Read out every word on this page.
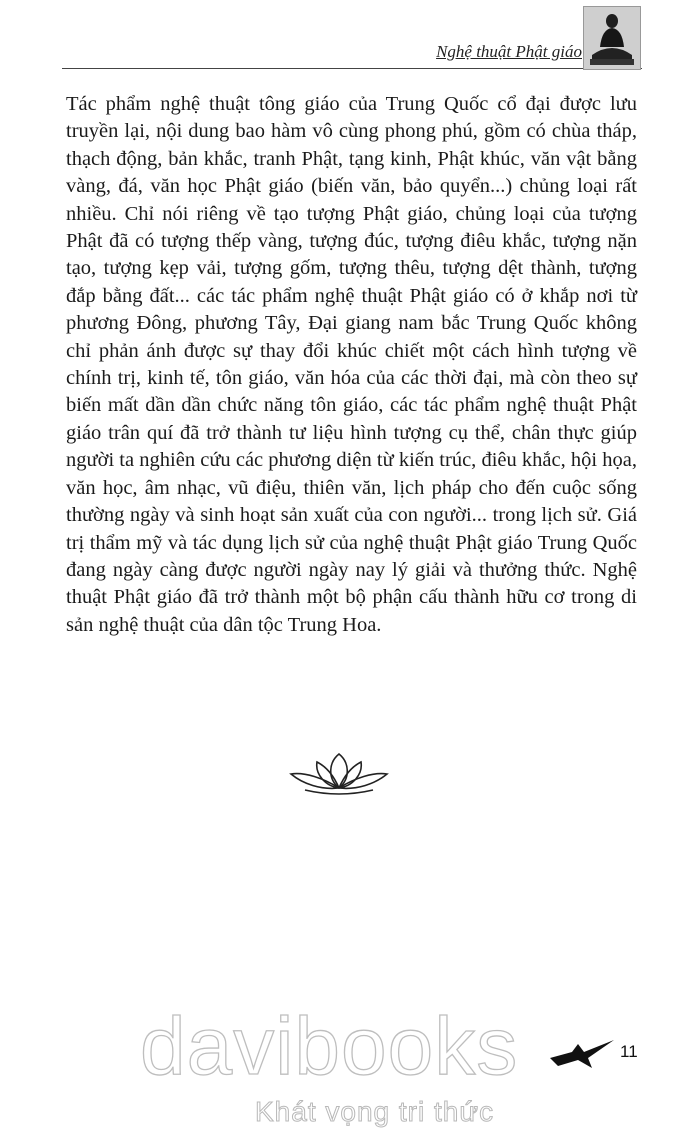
Nghệ thuật Phật giáo
Tác phẩm nghệ thuật tông giáo của Trung Quốc cổ đại được lưu truyền lại, nội dung bao hàm vô cùng phong phú, gồm có chùa tháp, thạch động, bản khắc, tranh Phật, tạng kinh, Phật khúc, văn vật bằng vàng, đá, văn học Phật giáo (biến văn, bảo quyển...) chủng loại rất nhiều. Chỉ nói riêng về tạo tượng Phật giáo, chủng loại của tượng Phật đã có tượng thếp vàng, tượng đúc, tượng điêu khắc, tượng nặn tạo, tượng kẹp vải, tượng gốm, tượng thêu, tượng dệt thành, tượng đắp bằng đất... các tác phẩm nghệ thuật Phật giáo có ở khắp nơi từ phương Đông, phương Tây, Đại giang nam bắc Trung Quốc không chỉ phản ánh được sự thay đổi khúc chiết một cách hình tượng về chính trị, kinh tế, tôn giáo, văn hóa của các thời đại, mà còn theo sự biến mất dần dần chức năng tôn giáo, các tác phẩm nghệ thuật Phật giáo trân quí đã trở thành tư liệu hình tượng cụ thể, chân thực giúp người ta nghiên cứu các phương diện từ kiến trúc, điêu khắc, hội họa, văn học, âm nhạc, vũ điệu, thiên văn, lịch pháp cho đến cuộc sống thường ngày và sinh hoạt sản xuất của con người... trong lịch sử. Giá trị thẩm mỹ và tác dụng lịch sử của nghệ thuật Phật giáo Trung Quốc đang ngày càng được người ngày nay lý giải và thưởng thức. Nghệ thuật Phật giáo đã trở thành một bộ phận cấu thành hữu cơ trong di sản nghệ thuật của dân tộc Trung Hoa.
davibooks
Khát vọng tri thức
11
